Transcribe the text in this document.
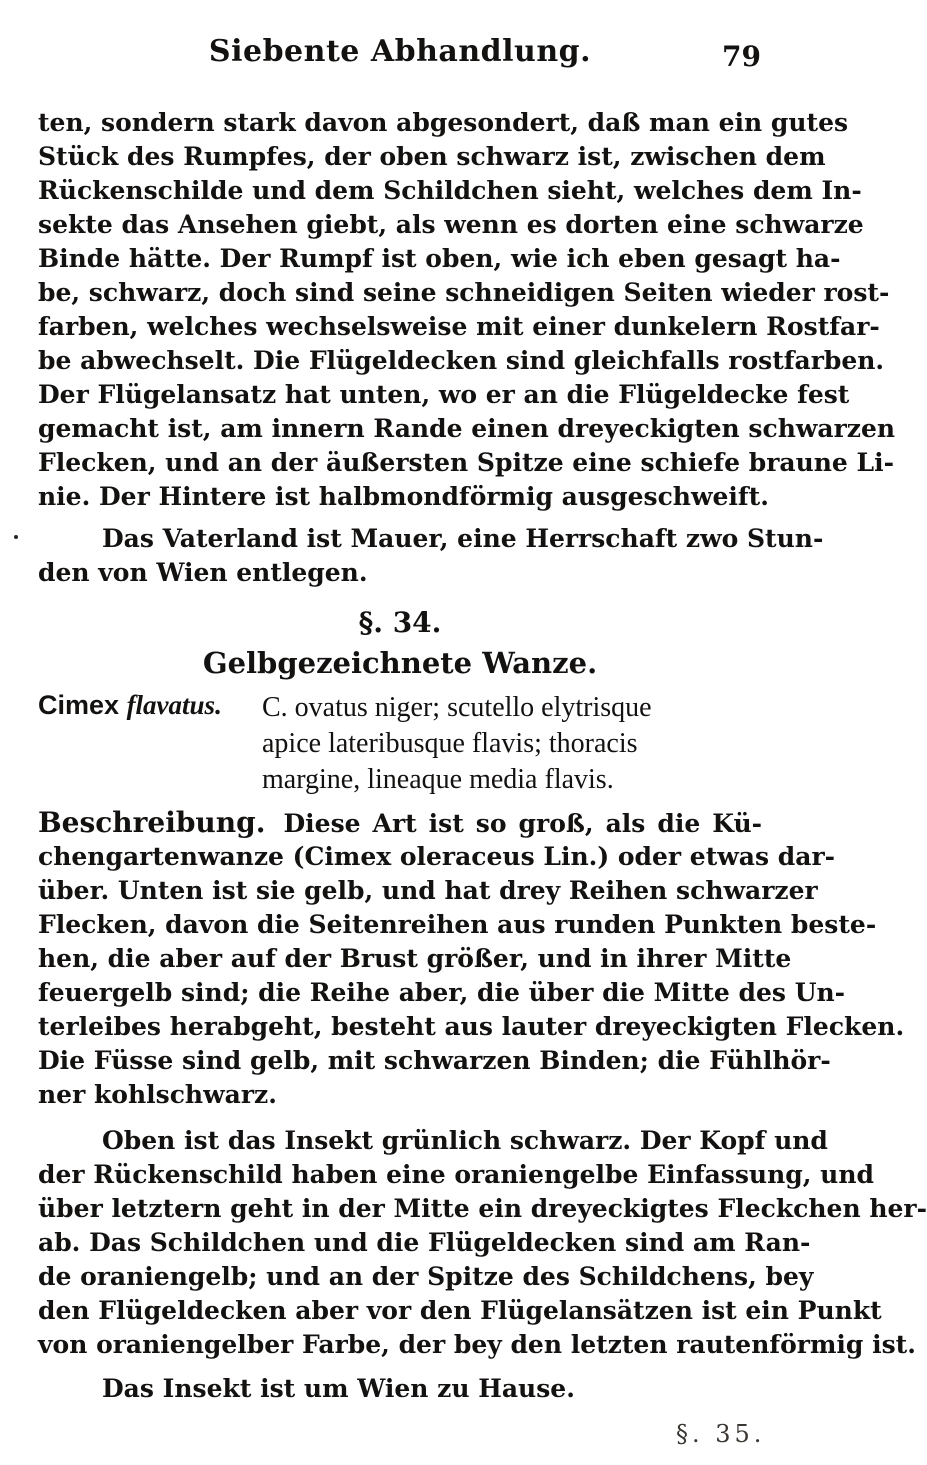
Siebente Abhandlung.	79
ten, sondern stark davon abgesondert, daß man ein gutes
Stück des Rumpfes, der oben schwarz ist, zwischen dem
Rückenschilde und dem Schildchen sieht, welches dem In-
sekte das Ansehen giebt, als wenn es dorten eine schwarze
Binde hätte. Der Rumpf ist oben, wie ich eben gesagt ha-
be, schwarz, doch sind seine schneidigen Seiten wieder rost-
farben, welches wechselsweise mit einer dunkelern Rostfar-
be abwechselt. Die Flügeldecken sind gleichfalls rostfarben.
Der Flügelansatz hat unten, wo er an die Flügeldecke fest
gemacht ist, am innern Rande einen dreyeckigten schwarzen
Flecken, und an der äußersten Spitze eine schiefe braune Li-
nie. Der Hintere ist halbmondförmig ausgeschweift.
Das Vaterland ist Mauer, eine Herrschaft zwo Stun-
den von Wien entlegen.
§. 34.
Gelbgezeichnete Wanze.
Cimex flavatus. C. ovatus niger; scutello elytrisque
apice lateribusque flavis; thoracis
margine, lineaque media flavis.
Beschreibung. Diese Art ist so groß, als die Kü-
chengartenwanze (Cimex oleraceus Lin.) oder etwas dar-
über. Unten ist sie gelb, und hat drey Reihen schwarzer
Flecken, davon die Seitenreihen aus runden Punkten beste-
hen, die aber auf der Brust größer, und in ihrer Mitte
feuergelb sind; die Reihe aber, die über die Mitte des Un-
terleibes herabgeht, besteht aus lauter dreyeckigten Flecken.
Die Füsse sind gelb, mit schwarzen Binden; die Fühlhör-
ner kohlschwarz.
Oben ist das Insekt grünlich schwarz. Der Kopf und
der Rückenschild haben eine oraniengelbe Einfassung, und
über letztern geht in der Mitte ein dreyeckigtes Fleckchen her-
ab. Das Schildchen und die Flügeldecken sind am Ran-
de oraniengelb; und an der Spitze des Schildchens, bey
den Flügeldecken aber vor den Flügelansätzen ist ein Punkt
von oraniengelber Farbe, der bey den letzten rautenförmig ist.
Das Insekt ist um Wien zu Hause.
§. 35.
